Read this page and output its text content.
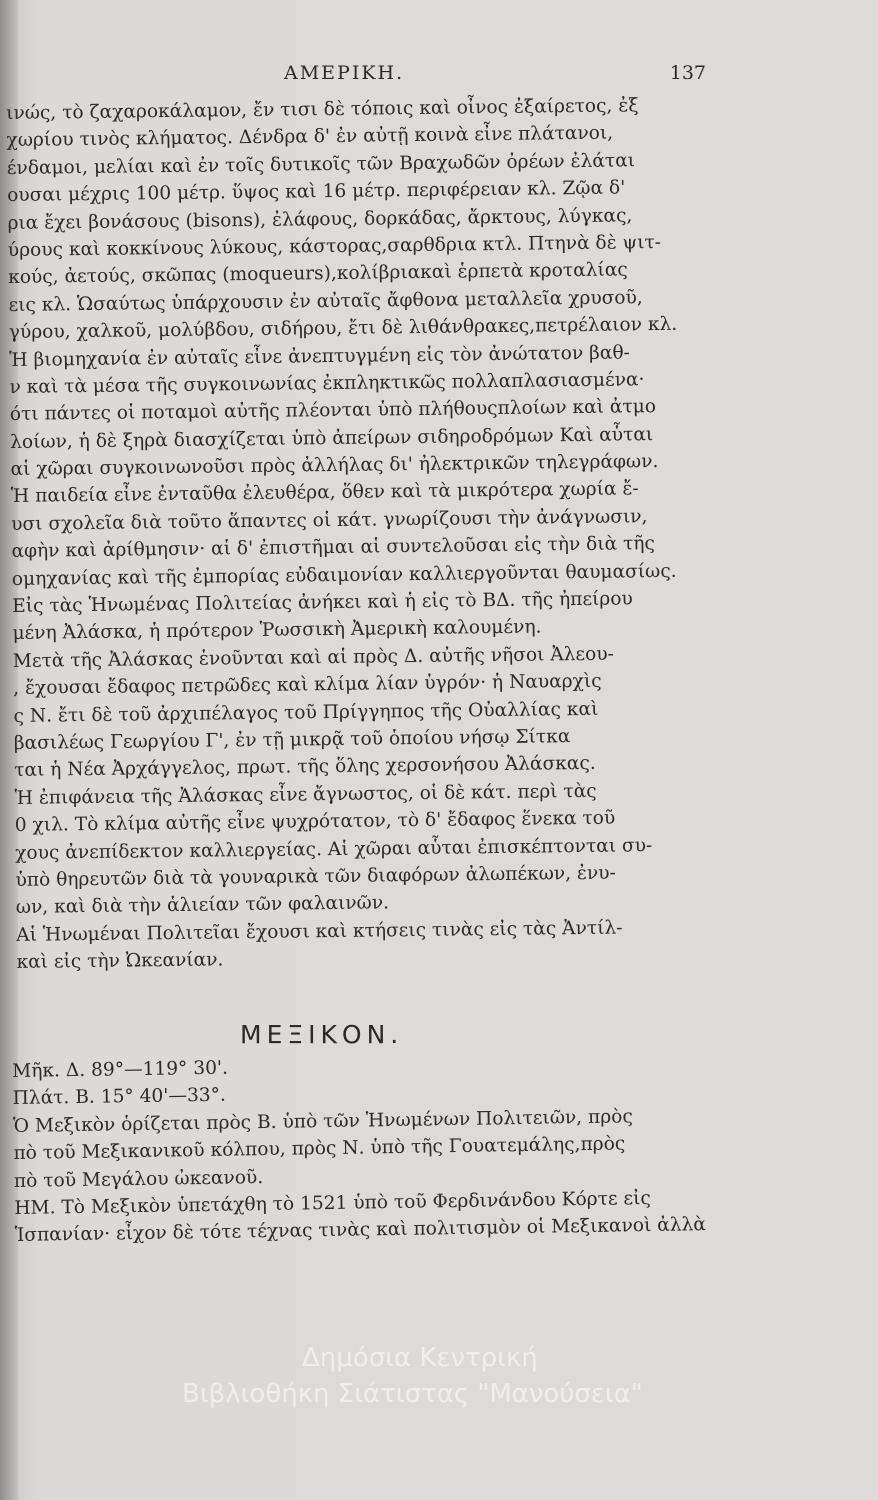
ΑΜΕΡΙΚΗ.	137
ινώς, τὸ ζαχαροκάλαμον, ἔν τισι δὲ τόποις καὶ οἶνος ἐξαίρετος, ἐξ
χωρίου τινὸς κλήματος. Δένδρα δ' ἐν αὐτῇ κοινὰ εἶνε πλάτανοι,
ένδαμοι, μελίαι καὶ ἐν τοῖς δυτικοῖς τῶν Βραχωδῶν ὀρέων ἐλάται
ουσαι μέχρις 100 μέτρ. ὕψος καὶ 16 μέτρ. περιφέρειαν κλ. Ζῷα δ'
ρια ἔχει βονάσους (bisons), ἐλάφους, δορκάδας, ἄρκτους, λύγκας,
ύρους καὶ κοκκίνους λύκους, κάστορας,σαρθδρια κτλ. Πτηνὰ δὲ ψιτ-
κούς, ἀετούς, σκῶπας (moqueurs),κολίβριακαὶ ἑρπετὰ κροταλίας
εις κλ. Ὡσαύτως ὑπάρχουσιν ἐν αὐταῖς ἄφθονα μεταλλεῖα χρυσοῦ,
γύρου, χαλκοῦ, μολύβδου, σιδήρου, ἔτι δὲ λιθάνθρακες,πετρέλαιον κλ.
Ἡ βιομηχανία ἐν αὐταῖς εἶνε ἀνεπτυγμένη εἰς τὸν ἀνώτατον βαθ-
ν καὶ τὰ μέσα τῆς συγκοινωνίας ἐκπληκτικῶς πολλαπλασιασμένα·
ότι πάντες οἱ ποταμοὶ αὐτῆς πλέονται ὑπὸ πλήθουςπλοίων καὶ ἀτμο
λοίων, ἡ δὲ ξηρὰ διασχίζεται ὑπὸ ἀπείρων σιδηροδρόμων Καὶ αὗται
αἱ χῶραι συγκοινωνοῦσι πρὸς ἀλλήλας δι' ἠλεκτρικῶν τηλεγράφων.
Ἡ παιδεία εἶνε ἐνταῦθα ἐλευθέρα, ὅθεν καὶ τὰ μικρότερα χωρία ἔ-
υσι σχολεῖα διὰ τοῦτο ἅπαντες οἱ κάτ. γνωρίζουσι τὴν ἀνάγνωσιν,
αφὴν καὶ ἀρίθμησιν· αἱ δ' ἐπιστῆμαι αἱ συντελοῦσαι εἰς τὴν διὰ τῆς
ομηχανίας καὶ τῆς ἐμπορίας εὐδαιμονίαν καλλιεργοῦνται θαυμασίως.
Εἰς τὰς Ἡνωμένας Πολιτείας ἀνήκει καὶ ἡ εἰς τὸ ΒΔ. τῆς ἠπείρου
μένη Ἀλάσκα, ἡ πρότερον Ῥωσσικὴ Ἀμερικὴ καλουμένη.
Μετὰ τῆς Ἀλάσκας ἑνοῦνται καὶ αἱ πρὸς Δ. αὐτῆς νῆσοι Ἀλεου-
, ἔχουσαι ἔδαφος πετρῶδες καὶ κλίμα λίαν ὑγρόν· ἡ Ναυαρχὶς
ς Ν. ἔτι δὲ τοῦ ἀρχιπέλαγος τοῦ Πρίγγηπος τῆς Οὐαλλίας καὶ
βασιλέως Γεωργίου Γ', ἐν τῇ μικρᾷ τοῦ ὁποίου νήσῳ Σίτκα
ται ἡ Νέα Ἀρχάγγελος, πρωτ. τῆς ὅλης χερσονήσου Ἀλάσκας.
Ἡ ἐπιφάνεια τῆς Ἀλάσκας εἶνε ἄγνωστος, οἱ δὲ κάτ. περὶ τὰς
0 χιλ. Τὸ κλίμα αὐτῆς εἶνε ψυχρότατον, τὸ δ' ἔδαφος ἕνεκα τοῦ
χους ἀνεπίδεκτον καλλιεργείας. Αἱ χῶραι αὗται ἐπισκέπτονται συ-
ὑπὸ θηρευτῶν διὰ τὰ γουναρικὰ τῶν διαφόρων ἀλωπέκων, ἐνυ-
ων, καὶ διὰ τὴν ἁλιείαν τῶν φαλαινῶν.
Αἱ Ἡνωμέναι Πολιτεῖαι ἔχουσι καὶ κτήσεις τινὰς εἰς τὰς Ἀντίλ-
καὶ εἰς τὴν Ὠκεανίαν.
ΜΕΞΙΚΟΝ.
Μῆκ. Δ. 89°—119° 30'.
Πλάτ. Β. 15° 40'—33°.
Ὁ Μεξικὸν ὁρίζεται πρὸς Β. ὑπὸ τῶν Ἡνωμένων Πολιτειῶν, πρὸς
πὸ τοῦ Μεξικανικοῦ κόλπου, πρὸς Ν. ὑπὸ τῆς Γουατεμάλης,πρὸς
πὸ τοῦ Μεγάλου ὠκεανοῦ.
ΗΜ. Τὸ Μεξικὸν ὑπετάχθη τὸ 1521 ὑπὸ τοῦ Φερδινάνδου Κόρτε εἰς
Ἱσπανίαν· εἶχον δὲ τότε τέχνας τινὰς καὶ πολιτισμὸν οἱ Μεξικανοὶ ἀλλὰ
Δημόσια Κεντρική
Βιβλιοθήκη Σιάτιστας "Μανούσεια"
